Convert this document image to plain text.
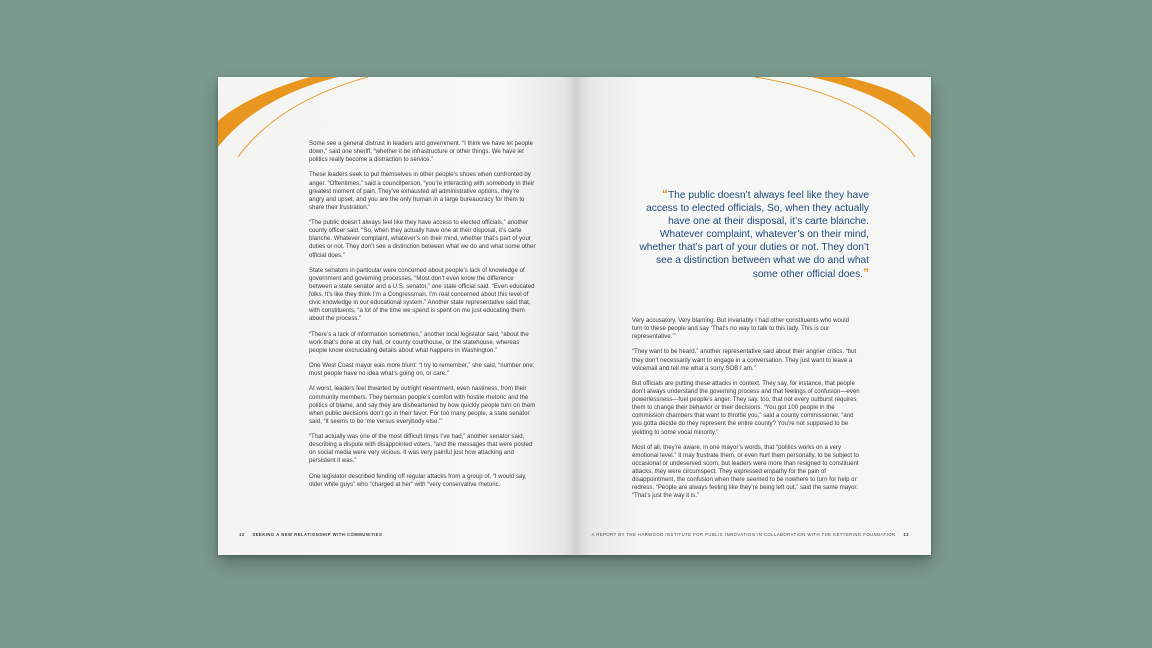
Some see a general distrust in leaders and government. “I think we have let people down,” said one sheriff, “whether it be infrastructure or other things. We have let politics really become a distraction to service.”

These leaders seek to put themselves in other people’s shoes when confronted by anger. “Oftentimes,” said a councilperson, “you’re interacting with somebody in their greatest moment of pain. They’ve exhausted all administrative options, they’re angry and upset, and you are the only human in a large bureaucracy for them to share their frustration.”

“The public doesn’t always feel like they have access to elected officials,” another county officer said. “So, when they actually have one at their disposal, it’s carte blanche. Whatever complaint, whatever’s on their mind, whether that’s part of your duties or not. They don’t see a distinction between what we do and what some other official does.”

State senators in particular were concerned about people’s lack of knowledge of government and governing processes. “Most don’t even know the difference between a state senator and a U.S. senator,” one state official said. “Even educated folks. It’s like they think I’m a Congressman. I’m real concerned about this level of civic knowledge in our educational system.” Another state representative said that, with constituents, “a lot of the time we spend is spent on me just educating them about the process.”

“There’s a lack of information sometimes,” another local legislator said, “about the work that’s done at city hall, or county courthouse, or the statehouse, whereas people know excruciating details about what happens in Washington.”

One West Coast mayor was more blunt: “I try to remember,” she said, “number one: most people have no idea what’s going on, or care.”

At worst, leaders feel thwarted by outright resentment, even nastiness, from their community members. They bemoan people’s comfort with hostile rhetoric and the politics of blame, and say they are disheartened by how quickly people turn on them when public decisions don’t go in their favor. For too many people, a state senator said, “it seems to be ‘me versus everybody else.’”

“That actually was one of the most difficult times I’ve had,” another senator said, describing a dispute with disappointed voters, “and the messages that were posted on social media were very vicious. It was very painful just how attacking and persistent it was.”

One legislator described fending off regular attacks from a group of, “I would say, older white guys” who “charged at her” with “very conservative rhetoric.

12 SEEKING A NEW RELATIONSHIP WITH COMMUNITIES
“The public doesn’t always feel like they have access to elected officials, So, when they actually have one at their disposal, it’s carte blanche. Whatever complaint, whatever’s on their mind, whether that’s part of your duties or not. They don’t see a distinction between what we do and what some other official does.”

Very accusatory. Very blaming. But invariably I had other constituents who would turn to these people and say ‘That’s no way to talk to this lady. This is our representative.’”

“They want to be heard,” another representative said about their angrier critics, “but they don’t necessarily want to engage in a conversation. They just want to leave a voicemail and tell me what a sorry SOB I am.”

But officials are putting these attacks in context. They say, for instance, that people don’t always understand the governing process and that feelings of confusion—even powerlessness—fuel people’s anger. They say, too, that not every outburst requires them to change their behavior or their decisions. “You got 100 people in the commission chambers that want to throttle you,” said a county commissioner, “and you gotta decide do they represent the entire county? You’re not supposed to be yielding to some vocal minority.”

Most of all, they’re aware, in one mayor’s words, that “politics works on a very emotional level.” It may frustrate them, or even hurt them personally, to be subject to occasional or undeserved scorn, but leaders were more than resigned to constituent attacks, they were circumspect. They expressed empathy for the pain of disappointment, the confusion when there seemed to be nowhere to turn for help or redress. “People are always feeling like they’re being left out,” said the same mayor. “That’s just the way it is.”

A REPORT BY THE HARWOOD INSTITUTE FOR PUBLIC INNOVATION IN COLLABORATION WITH THE KETTERING FOUNDATION 13
